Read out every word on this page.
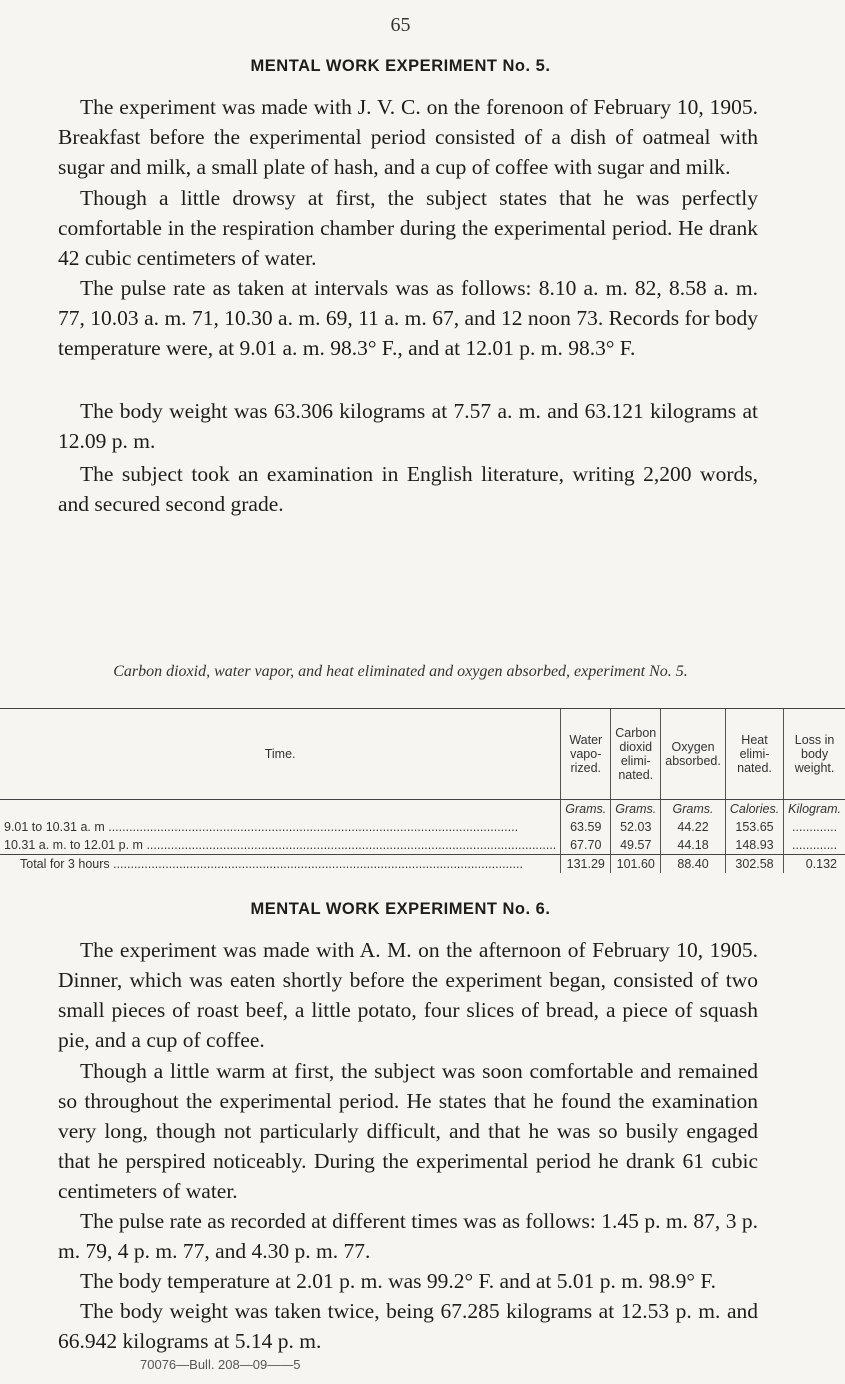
65
MENTAL WORK EXPERIMENT No. 5.

The experiment was made with J. V. C. on the forenoon of February 10, 1905. Breakfast before the experimental period consisted of a dish of oatmeal with sugar and milk, a small plate of hash, and a cup of coffee with sugar and milk.

Though a little drowsy at first, the subject states that he was perfectly comfortable in the respiration chamber during the experimental period. He drank 42 cubic centimeters of water.

The pulse rate as taken at intervals was as follows: 8.10 a. m. 82, 8.58 a. m. 77, 10.03 a. m. 71, 10.30 a. m. 69, 11 a. m. 67, and 12 noon 73. Records for body temperature were, at 9.01 a. m. 98.3° F., and at 12.01 p. m. 98.3° F.

The body weight was 63.306 kilograms at 7.57 a. m. and 63.121 kilograms at 12.09 p. m.

The subject took an examination in English literature, writing 2,200 words, and secured second grade.

Carbon dioxid, water vapor, and heat eliminated and oxygen absorbed, experiment No. 5.
Time.	Water vapo-rized.	Carbon dioxid elimi-nated.	Oxygen absorbed.	Heat elimi-nated.	Loss in body weight.
	Grams.	Grams.	Grams.	Calories.	Kilogram.
9.01 to 10.31 a. m .....	63.59	52.03	44.22	153.65	.............
10.31 a. m. to 12.01 p. m .....	67.70	49.57	44.18	148.93	.............
Total for 3 hours .....	131.29	101.60	88.40	302.58	0.132
MENTAL WORK EXPERIMENT No. 6.

The experiment was made with A. M. on the afternoon of February 10, 1905. Dinner, which was eaten shortly before the experiment began, consisted of two small pieces of roast beef, a little potato, four slices of bread, a piece of squash pie, and a cup of coffee.

Though a little warm at first, the subject was soon comfortable and remained so throughout the experimental period. He states that he found the examination very long, though not particularly difficult, and that he was so busily engaged that he perspired noticeably. During the experimental period he drank 61 cubic centimeters of water.

The pulse rate as recorded at different times was as follows: 1.45 p. m. 87, 3 p. m. 79, 4 p. m. 77, and 4.30 p. m. 77.

The body temperature at 2.01 p. m. was 99.2° F. and at 5.01 p. m. 98.9° F.

The body weight was taken twice, being 67.285 kilograms at 12.53 p. m. and 66.942 kilograms at 5.14 p. m.

70076—Bull. 208—09——5
